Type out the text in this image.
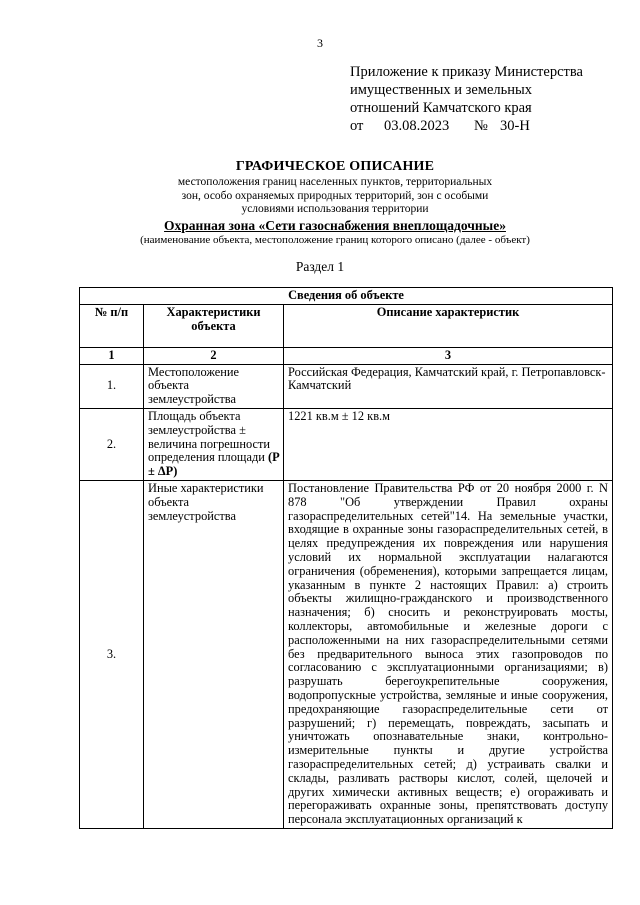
3
Приложение к приказу Министерства
имущественных и земельных
отношений Камчатского края
от	03.08.2023	№ 30-Н
ГРАФИЧЕСКОЕ ОПИСАНИЕ
местоположения границ населенных пунктов, территориальных
зон, особо охраняемых природных территорий, зон с особыми
условиями использования территории
Охранная зона «Сети газоснабжения внеплощадочные»
(наименование объекта, местоположение границ которого описано (далее - объект)
Раздел 1
Сведения об объекте		
№ п/п	Характеристики объекта	Описание характеристик
1	2	3
1.	Местоположение объекта землеустройства	Российская Федерация, Камчатский край, г. Петропавловск-Камчатский
2.	Площадь объекта землеустройства ± величина погрешности определения площади (P ± ΔP)	1221 кв.м ± 12 кв.м
3.	Иные характеристики объекта землеустройства	Постановление Правительства РФ от 20 ноября 2000 г. N 878 "Об утверждении Правил охраны газораспределительных сетей"14. На земельные участки, входящие в охранные зоны газораспределительных сетей, в целях предупреждения их повреждения или нарушения условий их нормальной эксплуатации налагаются ограничения (обременения), которыми запрещается лицам, указанным в пункте 2 настоящих Правил: а) строить объекты жилищно-гражданского и производственного назначения; б) сносить и реконструировать мосты, коллекторы, автомобильные и железные дороги с расположенными на них газораспределительными сетями без предварительного выноса этих газопроводов по согласованию с эксплуатационными организациями; в) разрушать берегоукрепительные сооружения, водопропускные устройства, земляные и иные сооружения, предохраняющие газораспределительные сети от разрушений; г) перемещать, повреждать, засыпать и уничтожать опознавательные знаки, контрольно-измерительные пункты и другие устройства газораспределительных сетей; д) устраивать свалки и склады, разливать растворы кислот, солей, щелочей и других химически активных веществ; е) огораживать и перегораживать охранные зоны, препятствовать доступу персонала эксплуатационных организаций к
